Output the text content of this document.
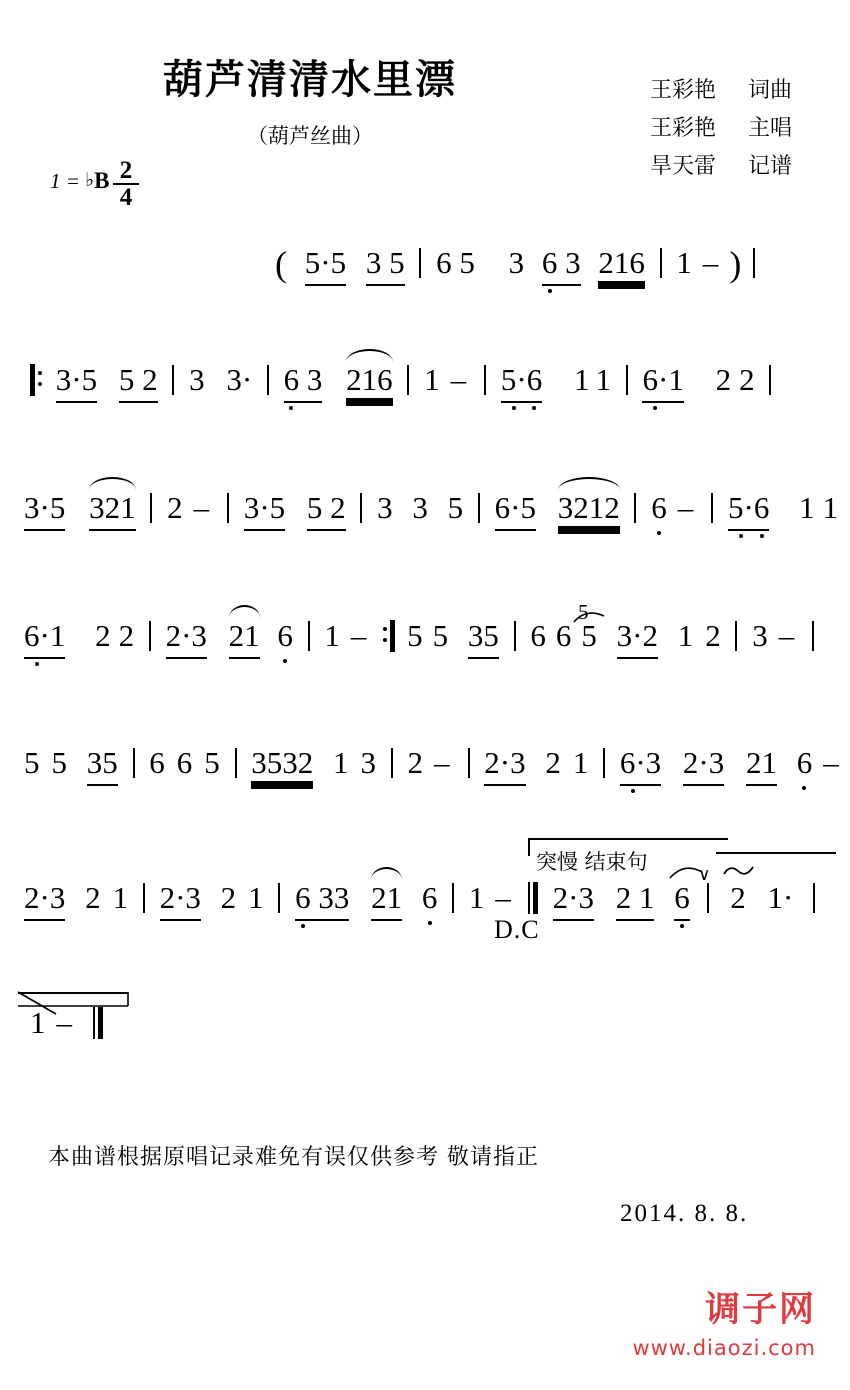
葫芦清清水里漂
（葫芦丝曲）
王彩艳 词曲
王彩艳 主唱
旱天雷 记谱
1 = ♭B $\frac{2}{4}$
( 5·5 3 5 6 5 3 6 3 216 1 – )
3·5 5 2 3 3· 6 3 216 1 – 5·6 1 1 6·1 2 2
3·5 321 2 – 3·5 5 2 3 3 5 6·5 3212 6 – 5·6 1 1
6·1 2 2 2·3 21 6 1 – 5 5 35 6 6 5 3·2 1 2 3 –
5
5 5 35 6 6 5 3532 1 3 2 – 2·3 2 1 6·3 2·3 21 6 –
2·3 2 1 2·3 2 1 6 33 21 6 1 – 2·3 2 1 6 2 1·
突慢 结束句
D.C
∨
1 –
本曲谱根据原唱记录难免有误仅供参考 敬请指正
2014. 8. 8.
调子网
www.diaozi.com
